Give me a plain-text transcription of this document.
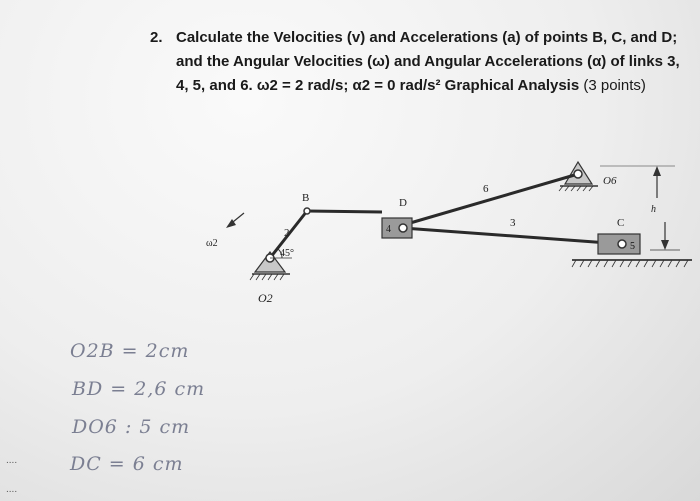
2. Calculate the Velocities (v) and Accelerations (a) of points B, C, and D;
and the Angular Velocities (ω) and Angular Accelerations (α) of links 3,
4, 5, and 6. ω2 = 2 rad/s; α2 = 0 rad/s² Graphical Analysis (3 points)
B	D
6
3	C
O6
h
2
45°
ω2
O2
4
5
O2B = 2cm
BD = 2,6 cm
DO6 : 5 cm
DC = 6 cm
....
....
